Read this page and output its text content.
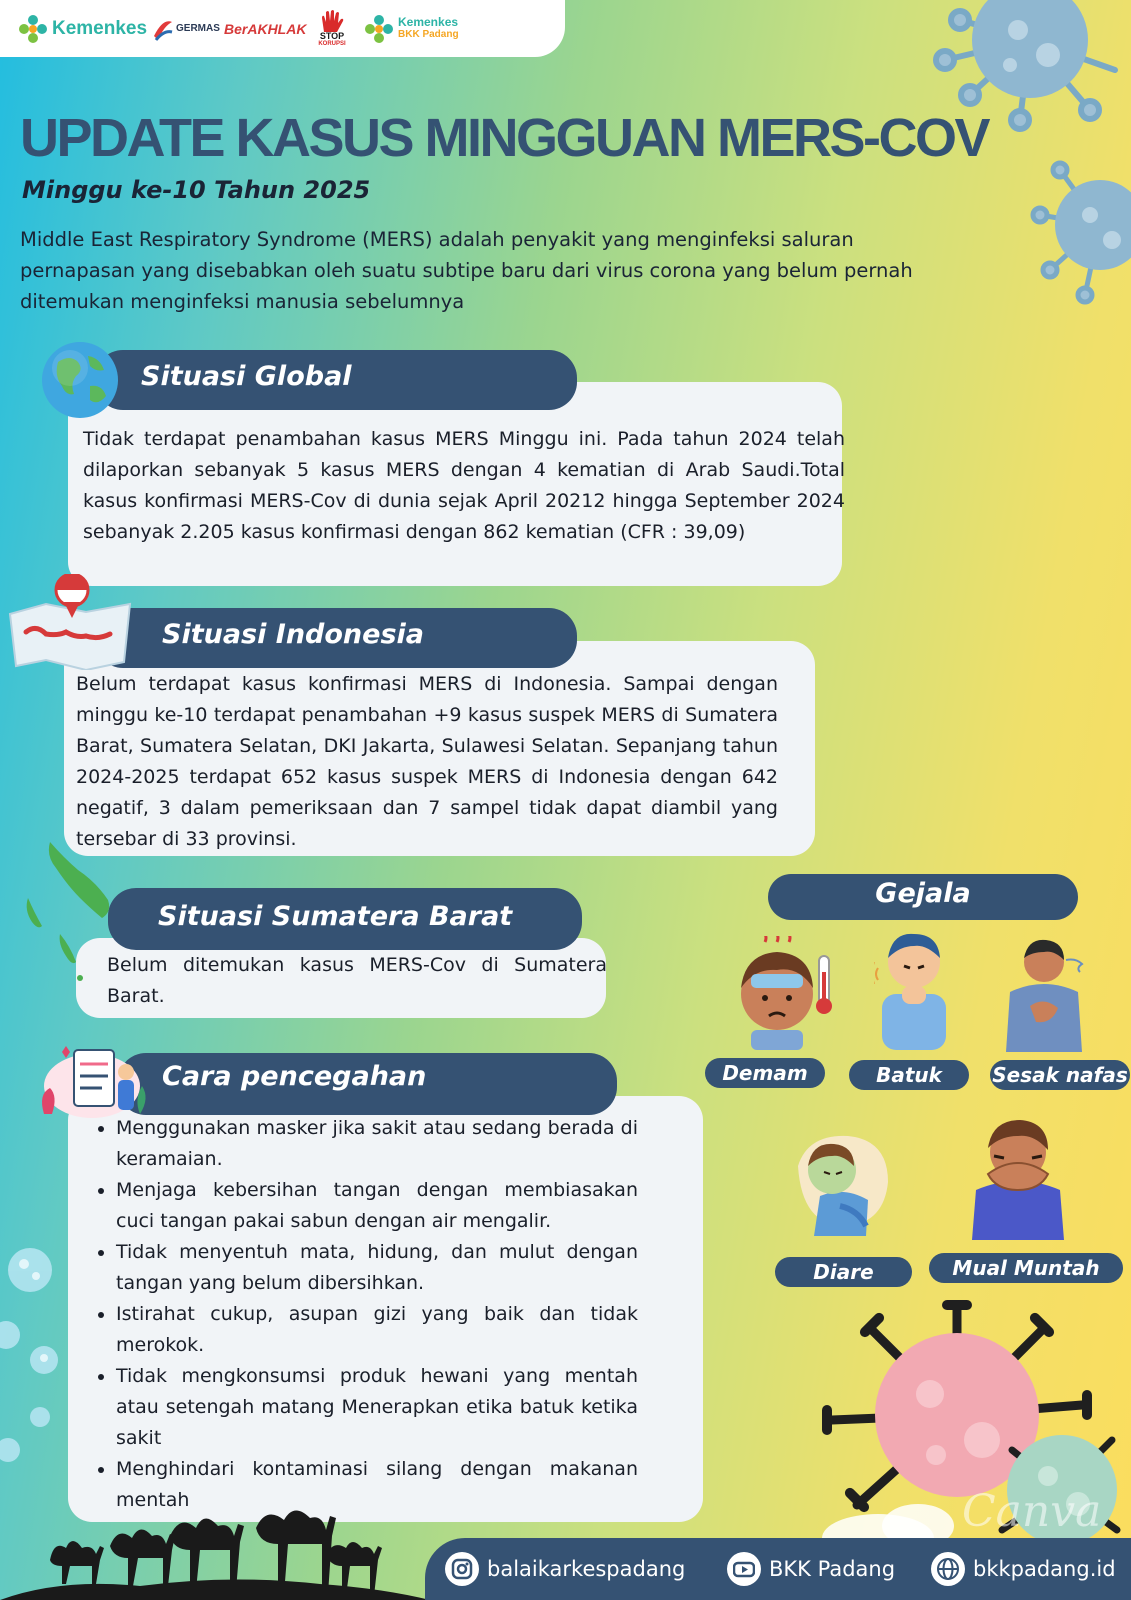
Kemenkes	GERMAS BerAKHLAK STOP
KORUPSI
Kemenkes
BKK Padang
UPDATE KASUS MINGGUAN MERS-COV
Minggu ke-10 Tahun 2025
Middle East Respiratory Syndrome (MERS) adalah penyakit yang menginfeksi saluran pernapasan yang disebabkan oleh suatu subtipe baru dari virus corona yang belum pernah ditemukan menginfeksi manusia sebelumnya
Situasi Global
Tidak terdapat penambahan kasus MERS Minggu ini. Pada tahun 2024 telah dilaporkan sebanyak 5 kasus MERS dengan 4 kematian di Arab Saudi.Total kasus konfirmasi MERS-Cov di dunia sejak April 20212 hingga September 2024 sebanyak 2.205 kasus konfirmasi dengan 862 kematian (CFR : 39,09)
Situasi Indonesia
Belum terdapat kasus konfirmasi MERS di Indonesia. Sampai dengan minggu ke-10 terdapat penambahan +9 kasus suspek MERS di Sumatera Barat, Sumatera Selatan, DKI Jakarta, Sulawesi Selatan. Sepanjang tahun 2024-2025 terdapat 652 kasus suspek MERS di Indonesia dengan 642 negatif, 3 dalam pemeriksaan dan 7 sampel tidak dapat diambil yang tersebar di 33 provinsi.
Situasi Sumatera Barat
Belum ditemukan kasus MERS-Cov di Sumatera Barat.
Cara pencegahan
• Menggunakan masker jika sakit atau sedang berada di keramaian.
• Menjaga kebersihan tangan dengan membiasakan cuci tangan pakai sabun dengan air mengalir.
• Tidak menyentuh mata, hidung, dan mulut dengan tangan yang belum dibersihkan.
• Istirahat cukup, asupan gizi yang baik dan tidak merokok.
• Tidak mengkonsumsi produk hewani yang mentah atau setengah matang Menerapkan etika batuk ketika sakit
• Menghindari kontaminasi silang dengan makanan mentah
Gejala
Demam	Batuk	Sesak nafas
Diare	Mual Muntah
Canva
balaikarkespadang	BKK Padang	bkkpadang.id
